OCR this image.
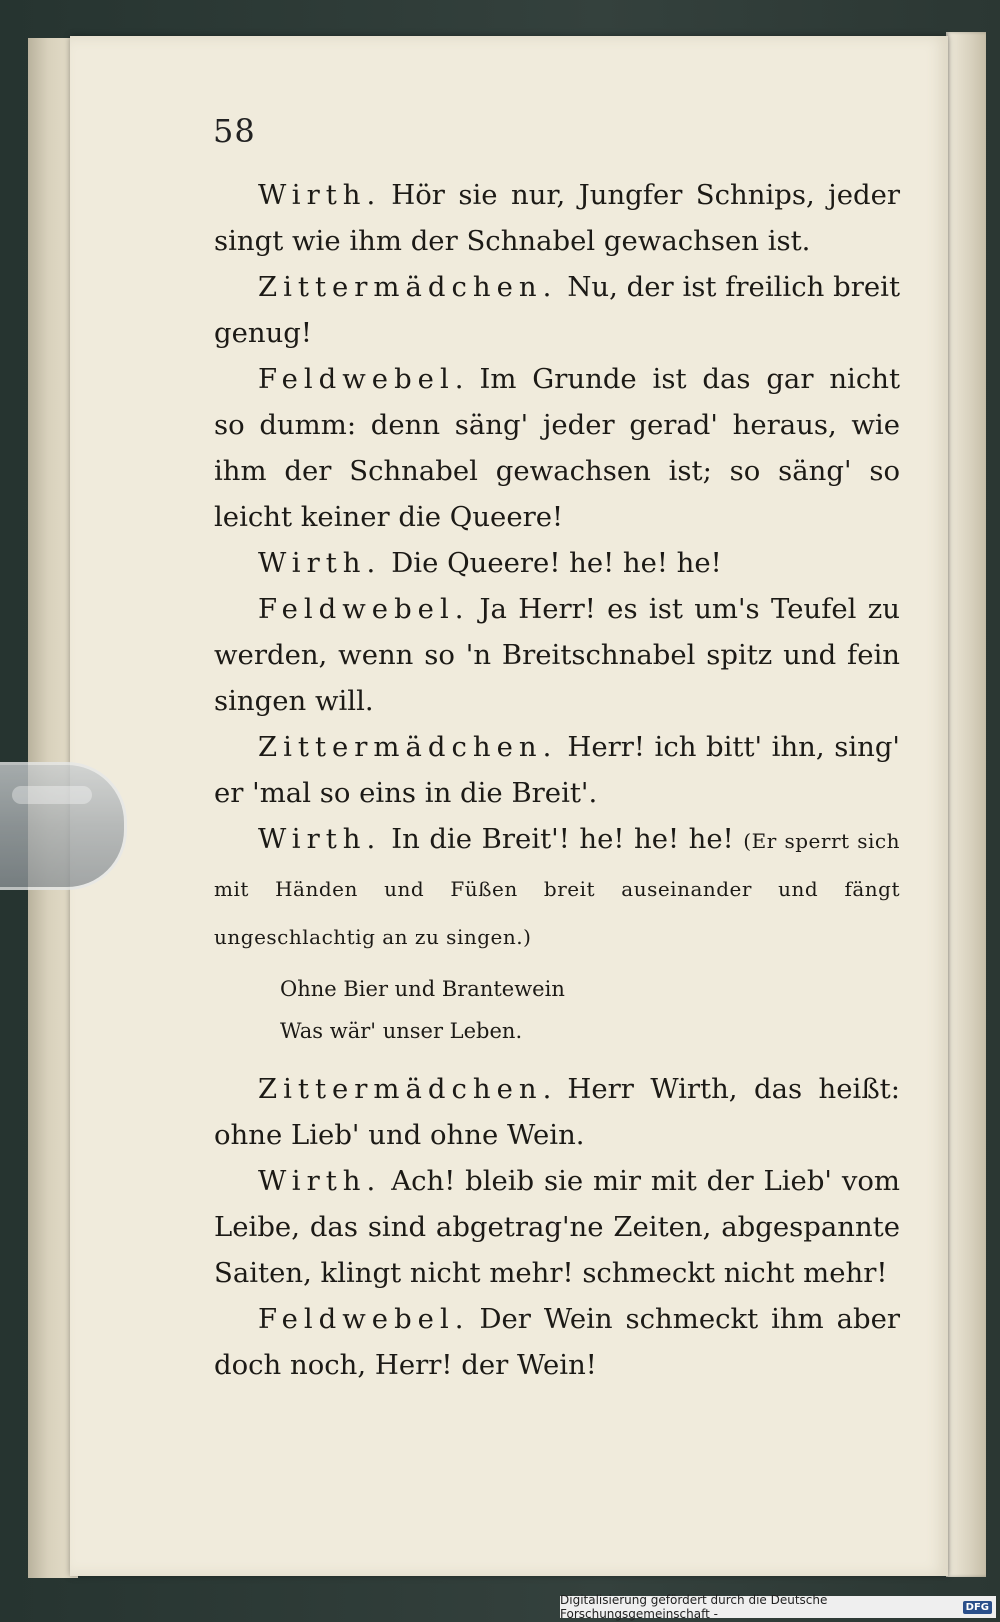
58

Wirth. Hör sie nur, Jungfer Schnips, jeder singt wie ihm der Schnabel gewachsen ist.

Zittermädchen. Nu, der ist freilich breit genug!

Feldwebel. Im Grunde ist das gar nicht so dumm: denn säng' jeder gerad' heraus, wie ihm der Schnabel gewachsen ist; so säng' so leicht keiner die Queere!

Wirth. Die Queere! he! he! he!

Feldwebel. Ja Herr! es ist um's Teufel zu werden, wenn so 'n Breitschnabel spitz und fein singen will.

Zittermädchen. Herr! ich bitt' ihn, sing' er 'mal so eins in die Breit'.

Wirth. In die Breit'! he! he! he! (Er sperrt sich mit Händen und Füßen breit auseinander und fängt ungeschlachtig an zu singen.)

Ohne Bier und Brantewein
Was wär' unser Leben.

Zittermädchen. Herr Wirth, das heißt: ohne Lieb' und ohne Wein.

Wirth. Ach! bleib sie mir mit der Lieb' vom Leibe, das sind abgetrag'ne Zeiten, abgespannte Saiten, klingt nicht mehr! schmeckt nicht mehr!

Feldwebel. Der Wein schmeckt ihm aber doch noch, Herr! der Wein!

Digitalisierung gefördert durch die Deutsche Forschungsgemeinschaft -	DFG
